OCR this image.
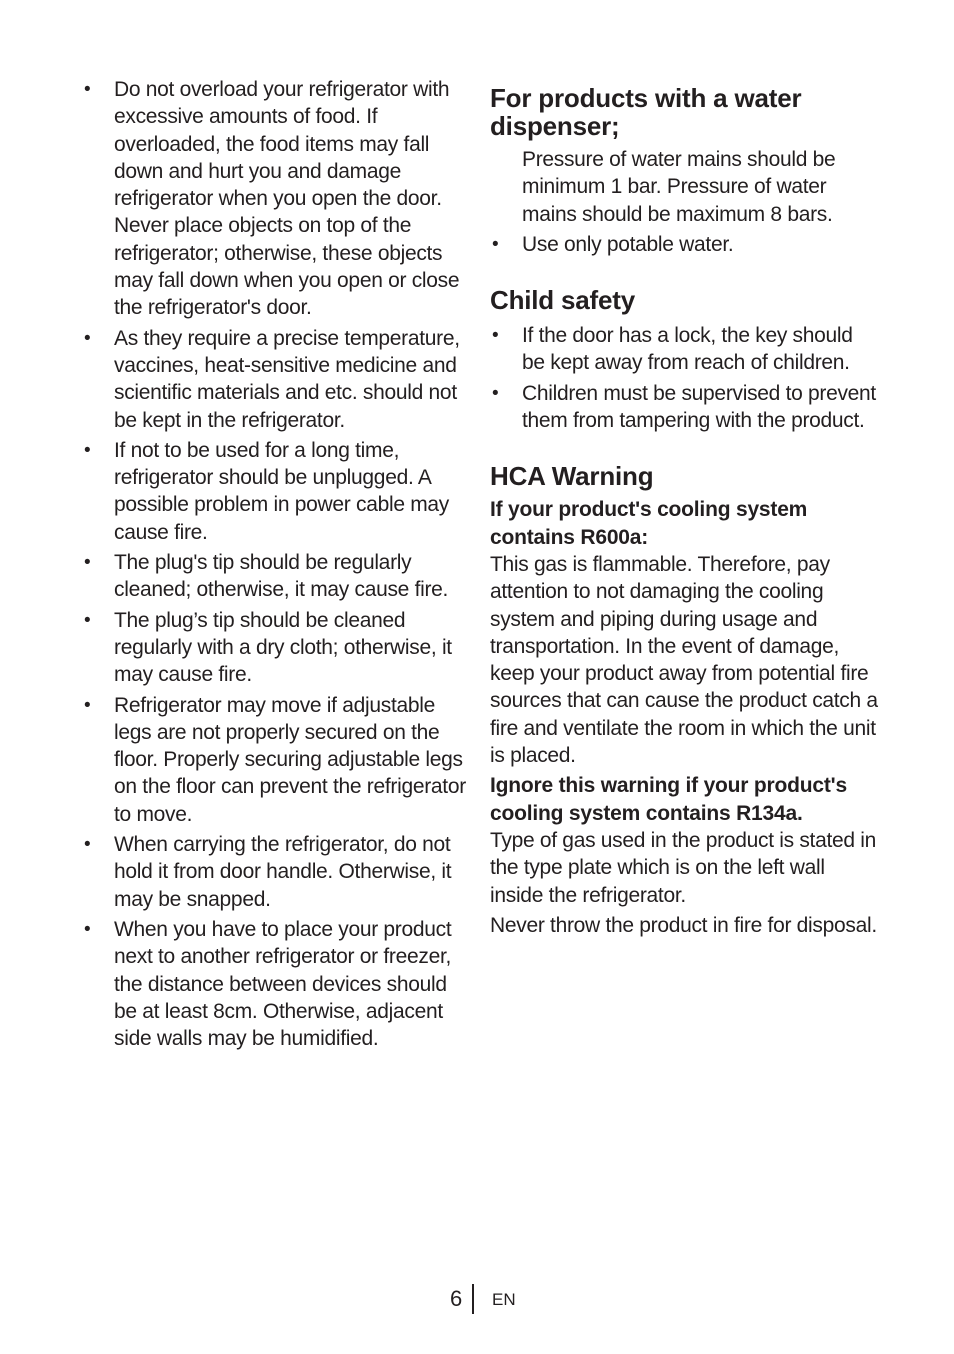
• Do not overload your refrigerator with excessive amounts of food. If overloaded, the food items may fall down and hurt you and damage refrigerator when you open the door. Never place objects on top of the refrigerator; otherwise, these objects may fall down when you open or close the refrigerator's door.
• As they require a precise temperature, vaccines, heat-sensitive medicine and scientific materials and etc. should not be kept in the refrigerator.
• If not to be used for a long time, refrigerator should be unplugged. A possible problem in power cable may cause fire.
• The plug's tip should be regularly cleaned; otherwise, it may cause fire.
• The plug’s tip should be cleaned regularly with a dry cloth; otherwise, it may cause fire.
• Refrigerator may move if adjustable legs are not properly secured on the floor. Properly securing adjustable legs on the floor can prevent the refrigerator to move.
• When carrying the refrigerator, do not hold it from door handle. Otherwise, it may be snapped.
• When you have to place your product next to another refrigerator or freezer, the distance between devices should be at least 8cm. Otherwise, adjacent side walls may be humidified.
For products with a water dispenser;

Pressure of water mains should be minimum 1 bar. Pressure of water mains should be maximum 8 bars.

• Use only potable water.
Child safety
• If the door has a lock, the key should be kept away from reach of children.
• Children must be supervised to prevent them from tampering with the product.
HCA Warning

If your product's cooling system contains R600a:

This gas is flammable. Therefore, pay attention to not damaging the cooling system and piping during usage and transportation. In the event of damage, keep your product away from potential fire sources that can cause the product catch a fire and ventilate the room in which the unit is placed.

Ignore this warning if your product's cooling system contains R134a.

Type of gas used in the product is stated in the type plate which is on the left wall inside the refrigerator.

Never throw the product in fire for disposal.

6 EN
